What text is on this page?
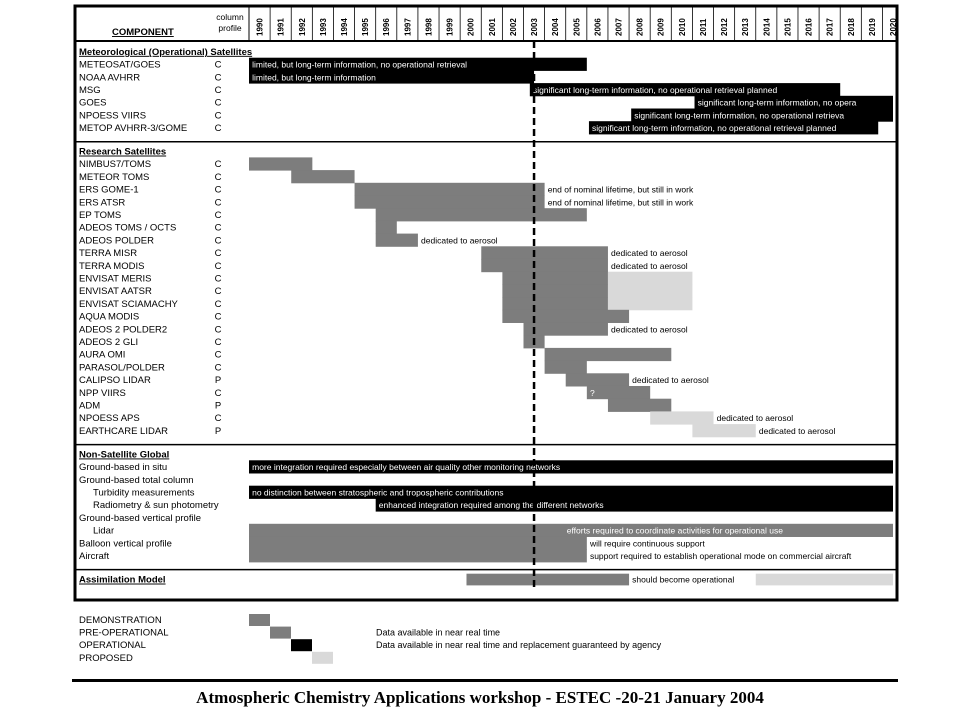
COMPONENT
column
profile 1990 1991 1992 1993 1994 1995 1996 1997 1998 1999 2000 2001 2002 2003 2004 2005 2006 2007 2008 2009 2010 2011 2012 2013 2014 2015 2016 2017 2018 2019 2020
Meteorological (Operational) Satellites
METEOSAT/GOES	C	limited, but long-term information, no operational retrieval
NOAA AVHRR	C	limited, but long-term information
MSG	C	significant long-term information, no operational retrieval planned
GOES	C	significant long-term information, no opera
NPOESS VIIRS	C	significant long-term information, no operational retrieva
METOP AVHRR-3/GOME	C	significant long-term information, no operational retrieval planned
Research Satellites
NIMBUS7/TOMS	C
METEOR TOMS	C
ERS GOME-1	C	end of nominal lifetime, but still in work
ERS ATSR	C	end of nominal lifetime, but still in work
EP TOMS	C
ADEOS TOMS / OCTS	C
ADEOS POLDER	C	dedicated to aerosol
TERRA MISR	C	dedicated to aerosol
TERRA MODIS	C	dedicated to aerosol
ENVISAT MERIS	C
ENVISAT AATSR	C
ENVISAT SCIAMACHY	C
AQUA MODIS	C
ADEOS 2 POLDER2	C	dedicated to aerosol
ADEOS 2 GLI	C
AURA OMI	C
PARASOL/POLDER	C
CALIPSO LIDAR	P	dedicated to aerosol
NPP VIIRS	C	?
ADM	P
NPOESS APS	C	dedicated to aerosol
EARTHCARE LIDAR	P	dedicated to aerosol
Non-Satellite Global
Ground-based in situ	more integration required especially between air quality other monitoring networks
Ground-based total column
Turbidity measurements	no distinction between stratospheric and tropospheric contributions
Radiometry & sun photometry	enhanced integration required among the different networks
Ground-based vertical profile
Lidar	efforts required to coordinate activities for operational use
Balloon vertical profile	will require continuous support
Aircraft	support required to establish operational mode on commercial aircraft
Assimilation Model	should become operational
DEMONSTRATION
PRE-OPERATIONAL	Data available in near real time
OPERATIONAL	Data available in near real time and replacement guaranteed by agency
PROPOSED
Atmospheric Chemistry Applications workshop - ESTEC -20-21 January 2004
